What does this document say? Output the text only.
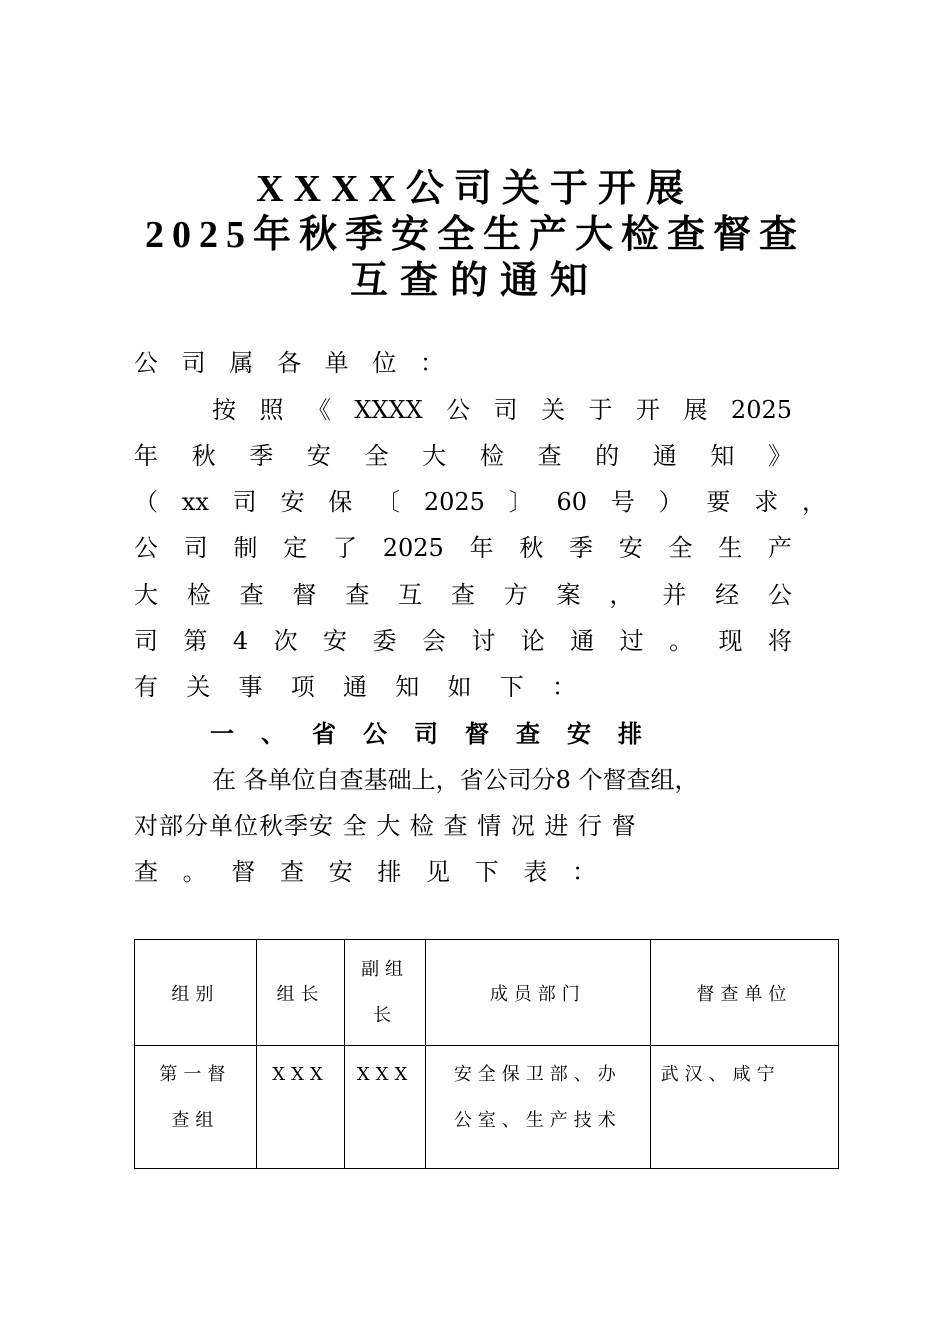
XXXX公司关于开展
2025年秋季安全生产大检查督查
互查的通知
公司属各单位：
按照《XXXX公司关于开展2025
年秋季安全大检查的通知》
（xx司安保〔2025〕60号）要求，
公司制定了2025年秋季安全生产
大检查督查互查方案，并经公
司第4次安委会讨论通过。现将
有关事项通知如下：
一、省公司督查安排
在 各单位自查基础上，省公司分8 个督查组，
对部分单位秋季安 全 大 检 查 情 况 进 行 督
查。督查安排见下表：
组别	组长	副组长	成员部门	督查单位
第一督查组	XXX	XXX	安全保卫部、办公室、生产技术	武汉、咸宁
